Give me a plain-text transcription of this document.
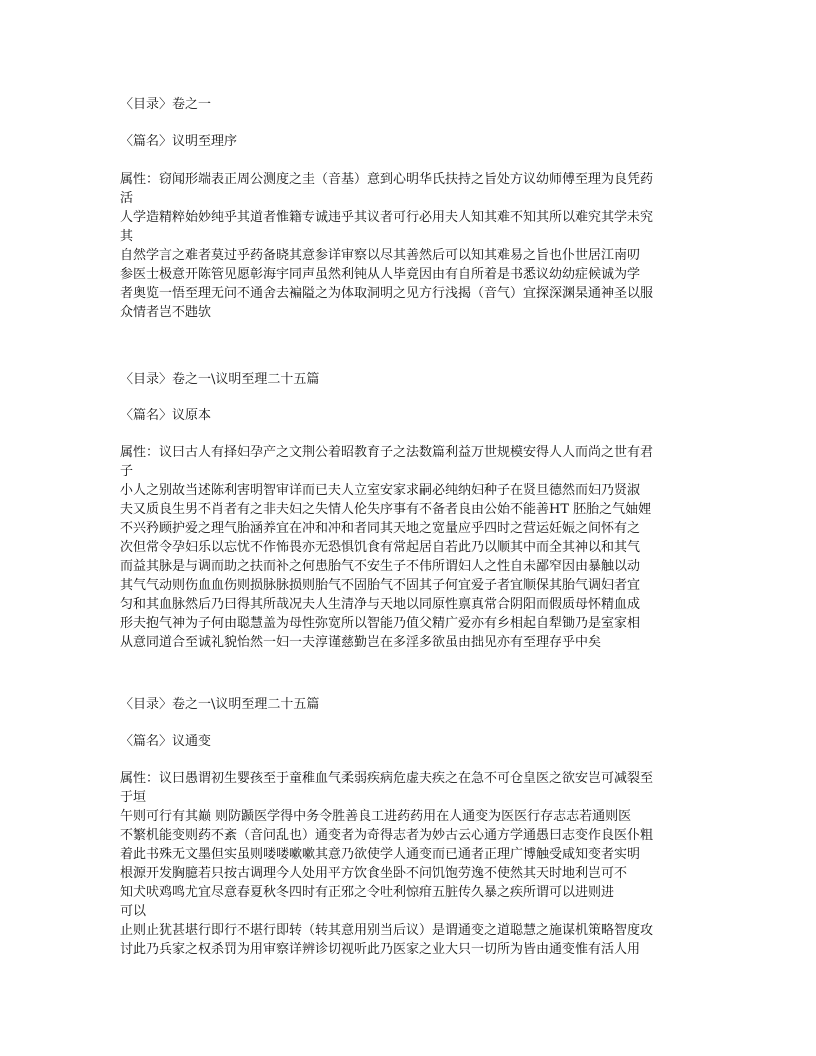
〈目录〉卷之一
〈篇名〉议明至理序
属性：窃闻形端表正周公测度之圭（音基）意到心明华氏扶持之旨处方议幼师傅至理为良凭药
活
人学造精粹始妙纯乎其道者惟籍专诚违乎其议者可行必用夫人知其难不知其所以难究其学未究
其
自然学言之难者莫过乎药备晓其意参详审察以尽其善然后可以知其难易之旨也仆世居江南叨
参医士极意开陈管见愿彰海宇同声虽然利钝从人毕竟因由有自所着是书悉议幼幼症候诚为学
者奥览一悟至理无问不通舍去褊隘之为体取洞明之见方行浅揭（音气）宜探深渊杲通神圣以服
众情者岂不韪欤
〈目录〉卷之一\议明至理二十五篇
〈篇名〉议原本
属性：议曰古人有择妇孕产之文荆公着昭教育子之法数篇利益万世规模安得人人而尚之世有君
子
小人之别故当述陈利害明智审详而已夫人立室安家求嗣必纯纳妇种子在贤旦德然而妇乃贤淑
夫又质良生男不肖者有之非夫妇之失情人伦失序事有不备者良由公始不能善HT 胚胎之气妯娌
不兴矜顾护爱之理气胎涵养宜在冲和冲和者同其天地之宽量应乎四时之营运妊娠之间怀有之
次但常令孕妇乐以忘忧不作怖畏亦无恐惧饥食有常起居自若此乃以顺其中而全其神以和其气
而益其脉是与调而助之扶而补之何患胎气不安生子不伟所谓妇人之性自未鄙窄因由暴触以动
其气气动则伤血血伤则损脉脉损则胎气不固胎气不固其子何宜爱子者宜顺保其胎气调妇者宜
匀和其血脉然后乃曰得其所哉况夫人生清净与天地以同原性禀真常合阴阳而假质母怀精血成
形夫抱气神为子何由聪慧盖为母性弥宽所以智能乃值父精广爱亦有乡相起自犁锄乃是室家相
从意同道合至诚礼貌怡然一妇一夫淳谨慈勤岂在多淫多欲虽由拙见亦有至理存乎中矣
〈目录〉卷之一\议明至理二十五篇
〈篇名〉议通变
属性：议曰愚谓初生婴孩至于童稚血气柔弱疾病危虚夫疾之在急不可仓皇医之欲安岂可减裂至
于垣
午则可行有其巅 则防踬医学得中务令胜善良工进药药用在人通变为医医行存志志若通则医
不繁机能变则药不紊（音问乱也）通变者为奇得志者为妙古云心通方学通愚曰志变作良医仆粗
着此书殊无文墨但实虽则喽喽嗽嗽其意乃欲使学人通变而已通者正理广博触受咸知变者实明
根源开发胸臆若只按古调理今人处用平方饮食坐卧不问饥饱劳逸不使然其天时地利岂可不
知犬吠鸡鸣尤宜尽意春夏秋冬四时有正邪之令吐利惊疳五脏传久暴之疾所谓可以进则进
可以
止则止犹甚堪行即行不堪行即转（转其意用别当后议）是谓通变之道聪慧之施谋机策略智度攻
讨此乃兵家之权杀罚为用审察详辨诊切视听此乃医家之业大只一切所为皆由通变惟有活人用
